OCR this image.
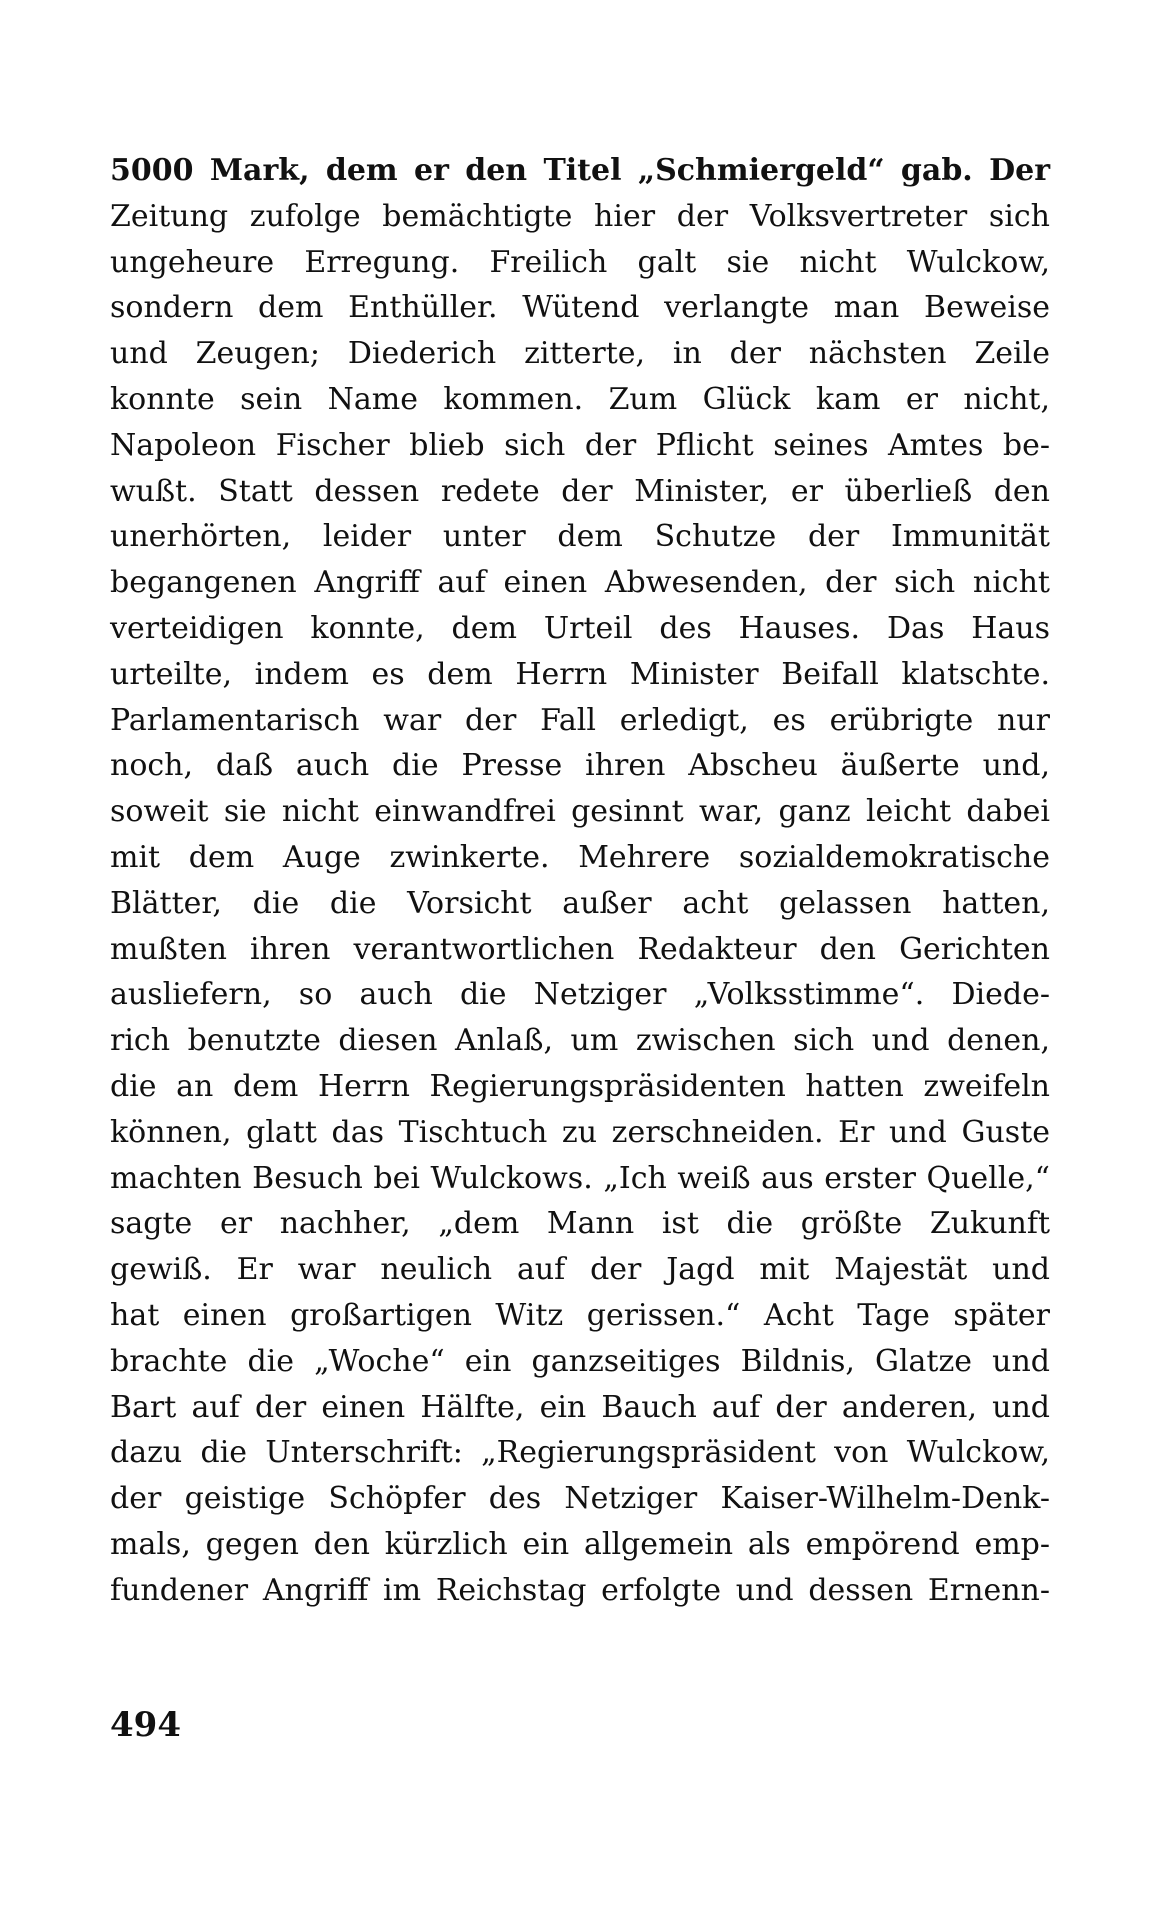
5000 Mark, dem er den Titel „Schmiergeld“ gab. Der
Zeitung zufolge bemächtigte hier der Volksvertreter sich
ungeheure Erregung. Freilich galt sie nicht Wulckow,
sondern dem Enthüller. Wütend verlangte man Beweise
und Zeugen; Diederich zitterte, in der nächsten Zeile
konnte sein Name kommen. Zum Glück kam er nicht,
Napoleon Fischer blieb sich der Pflicht seines Amtes be-
wußt. Statt dessen redete der Minister, er überließ den
unerhörten, leider unter dem Schutze der Immunität
begangenen Angriff auf einen Abwesenden, der sich nicht
verteidigen konnte, dem Urteil des Hauses. Das Haus
urteilte, indem es dem Herrn Minister Beifall klatschte.
Parlamentarisch war der Fall erledigt, es erübrigte nur
noch, daß auch die Presse ihren Abscheu äußerte und,
soweit sie nicht einwandfrei gesinnt war, ganz leicht dabei
mit dem Auge zwinkerte. Mehrere sozialdemokratische
Blätter, die die Vorsicht außer acht gelassen hatten,
mußten ihren verantwortlichen Redakteur den Gerichten
ausliefern, so auch die Netziger „Volksstimme“. Diede-
rich benutzte diesen Anlaß, um zwischen sich und denen,
die an dem Herrn Regierungspräsidenten hatten zweifeln
können, glatt das Tischtuch zu zerschneiden. Er und Guste
machten Besuch bei Wulckows. „Ich weiß aus erster Quelle,“
sagte er nachher, „dem Mann ist die größte Zukunft
gewiß. Er war neulich auf der Jagd mit Majestät und
hat einen großartigen Witz gerissen.“ Acht Tage später
brachte die „Woche“ ein ganzseitiges Bildnis, Glatze und
Bart auf der einen Hälfte, ein Bauch auf der anderen, und
dazu die Unterschrift: „Regierungspräsident von Wulckow,
der geistige Schöpfer des Netziger Kaiser-Wilhelm-Denk-
mals, gegen den kürzlich ein allgemein als empörend emp-
fundener Angriff im Reichstag erfolgte und dessen Ernenn-
494
